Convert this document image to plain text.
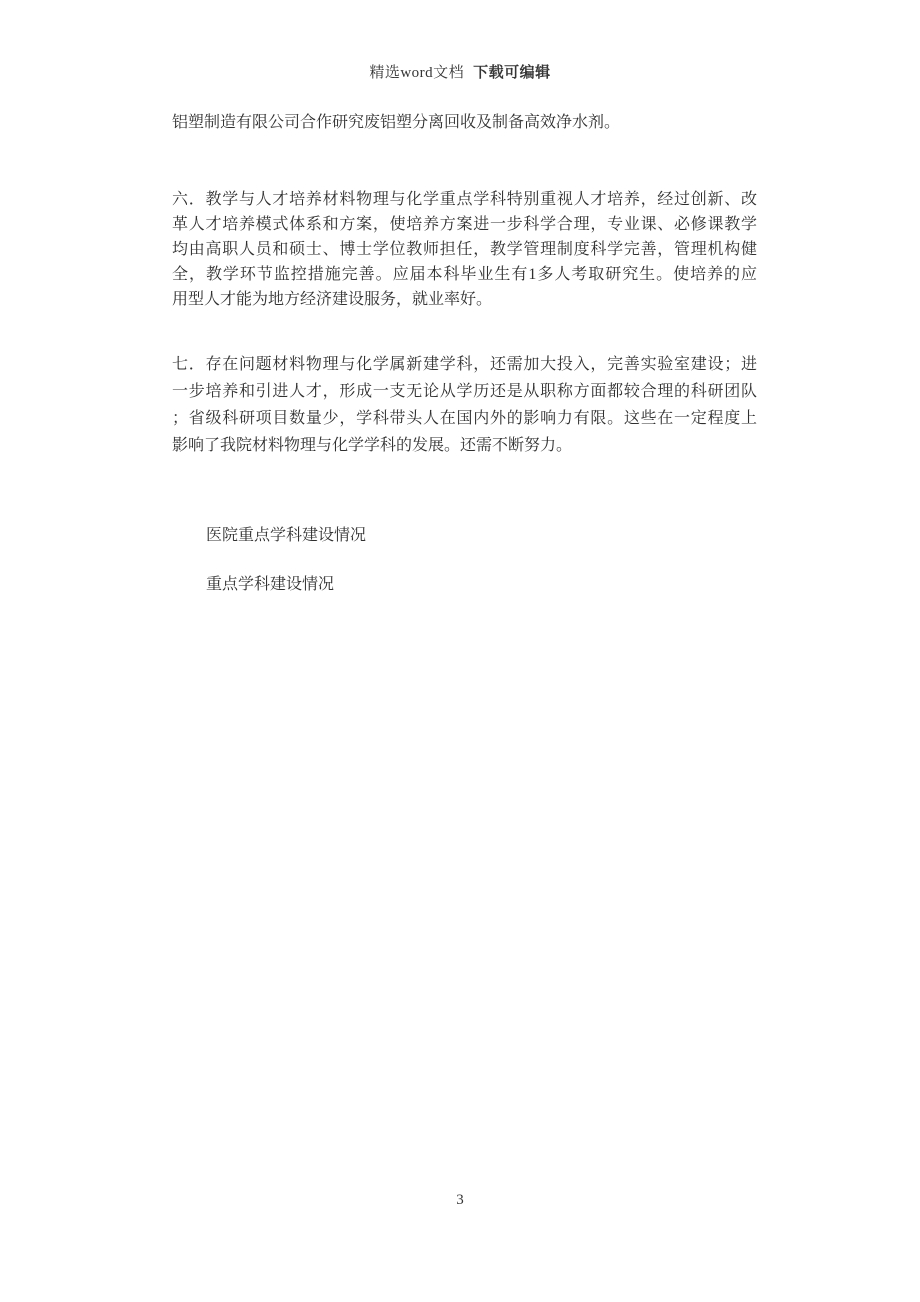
精选word文档 下载可编辑
铝塑制造有限公司合作研究废铝塑分离回收及制备高效净水剂。
六．教学与人才培养材料物理与化学重点学科特别重视人才培养，经过创新、改
革人才培养模式体系和方案，使培养方案进一步科学合理，专业课、必修课教学
均由高职人员和硕士、博士学位教师担任，教学管理制度科学完善，管理机构健
全，教学环节监控措施完善。应届本科毕业生有1多人考取研究生。使培养的应
用型人才能为地方经济建设服务，就业率好。
七．存在问题材料物理与化学属新建学科，还需加大投入，完善实验室建设；进
一步培养和引进人才，形成一支无论从学历还是从职称方面都较合理的科研团队
；省级科研项目数量少，学科带头人在国内外的影响力有限。这些在一定程度上
影响了我院材料物理与化学学科的发展。还需不断努力。
医院重点学科建设情况
重点学科建设情况
3
